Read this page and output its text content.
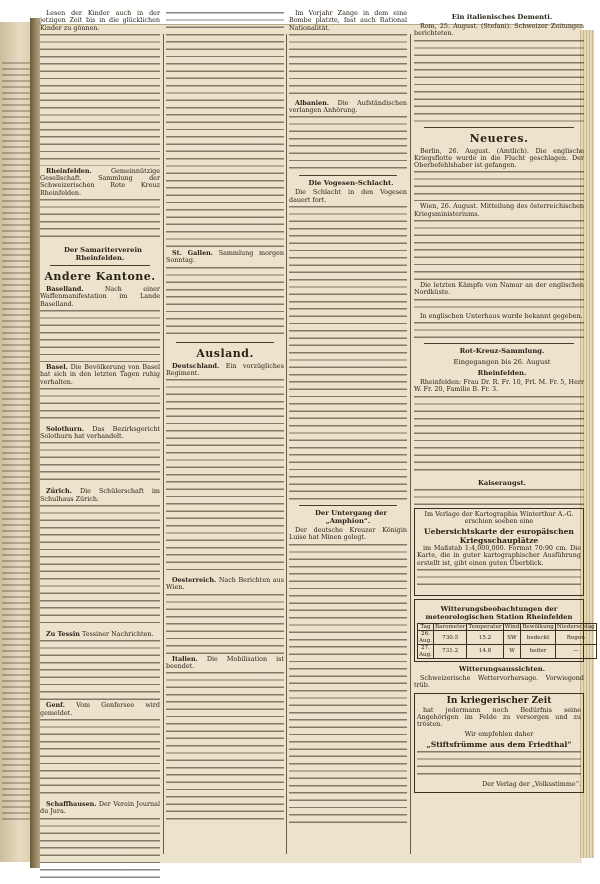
Lesen der Kinder auch in der jetzigen Zeit bis in die glücklichen Kinder zu gönnen.

Rheinfelden.	Gemeinnützige Gesellschaft. Sammlung der Schweizerischen Rote Kreuz Rheinfelden.

Der Samariterverein Rheinfelden.

Andere Kantone.

Baselland.	Nach einer Waffenmanifestation im Lande Baselland.

Basel. Die Bevölkerung von Basel hat sich in den letzten Tagen ruhig verhalten.

Solothurn. Das Bezirksgericht Solothurn hat verhandelt.

Zürich. Die Schülerschaft im Schulhaus Zürich.

Zu Tessin Tessiner Nachrichten.

Genf. Vom Genfersee wird gemeldet.

Schaffhausen. Der Verein Journal du Jura.

St. Gallen. Sammlung morgen Sonntag.

Ausland.

Deutschland. Ein vorzügliches Regiment.

Oesterreich. Nach Berichten aus Wien.

Italien. Die Mobilisation ist beendet.

Im Vorjahr Zange in dem eine Bombe platzte, fast auch Rational Nationalität.

Albanien. Die Aufständischen verlangen Anhörung.

Die Vogesen-Schlacht.

Die Schlacht in den Vogesen dauert fort.

Der Untergang der „Amphion“.

Der deutsche Kreuzer Königin Luise hat Minen gelegt.

Ein italienisches Dementi.

Rom, 25. August. (Stefani). Schweizer Zeitungen berichteten.

Neueres.

Berlin, 26. August. (Amtlich). Die englische Kriegsflotte wurde in die Flucht geschlagen. Der Oberbefehlshaber ist gefangen.

Wien, 26. August. Mitteilung des österreichischen Kriegsministeriums.

Die letzten Kämpfe von Namur an der englischen Nordküste.

In englischen Unterhaus wurde bekannt gegeben.

Rot-Kreuz-Sammlung.

Eingegangen bis 26. August

Rheinfelden.

Rheinfelden: Frau Dr. R. Fr. 10, Frl. M. Fr. 5, Herr W. Fr. 20, Familie B. Fr. 3.

Kaiseraugst.

Im Verlage der Kartographia Winterthur A.-G. erschien soeben eine

Uebersichtskarte der europäischen Kriegsschauplätze

im Maßstab 1:4,000,000. Format 70:90 cm. Die Karte, die in guter kartographischer Ausführung erstellt ist, gibt einen guten Überblick.

Witterungsbeobachtungen der meteorologischen Station Rheinfelden
Tag	Barometer	Temperatur	Wind	Bewölkung	Niederschlag
26. Aug.	730.5	15.2	SW	bedeckt	Regen
27. Aug.	731.2	14.8	W	heiter	—

Witterungsaussichten.

Schweizerische Wettervorhersage. Vorwiegend trüb.

In kriegerischer Zeit

hat jedermann noch Bedürfnis seine Angehörigen im Felde zu versorgen und zu trösten.

Wir empfehlen daher

„Stiftsfrümme aus dem Friedthal“

Der Verlag der „Volksstimme“.
